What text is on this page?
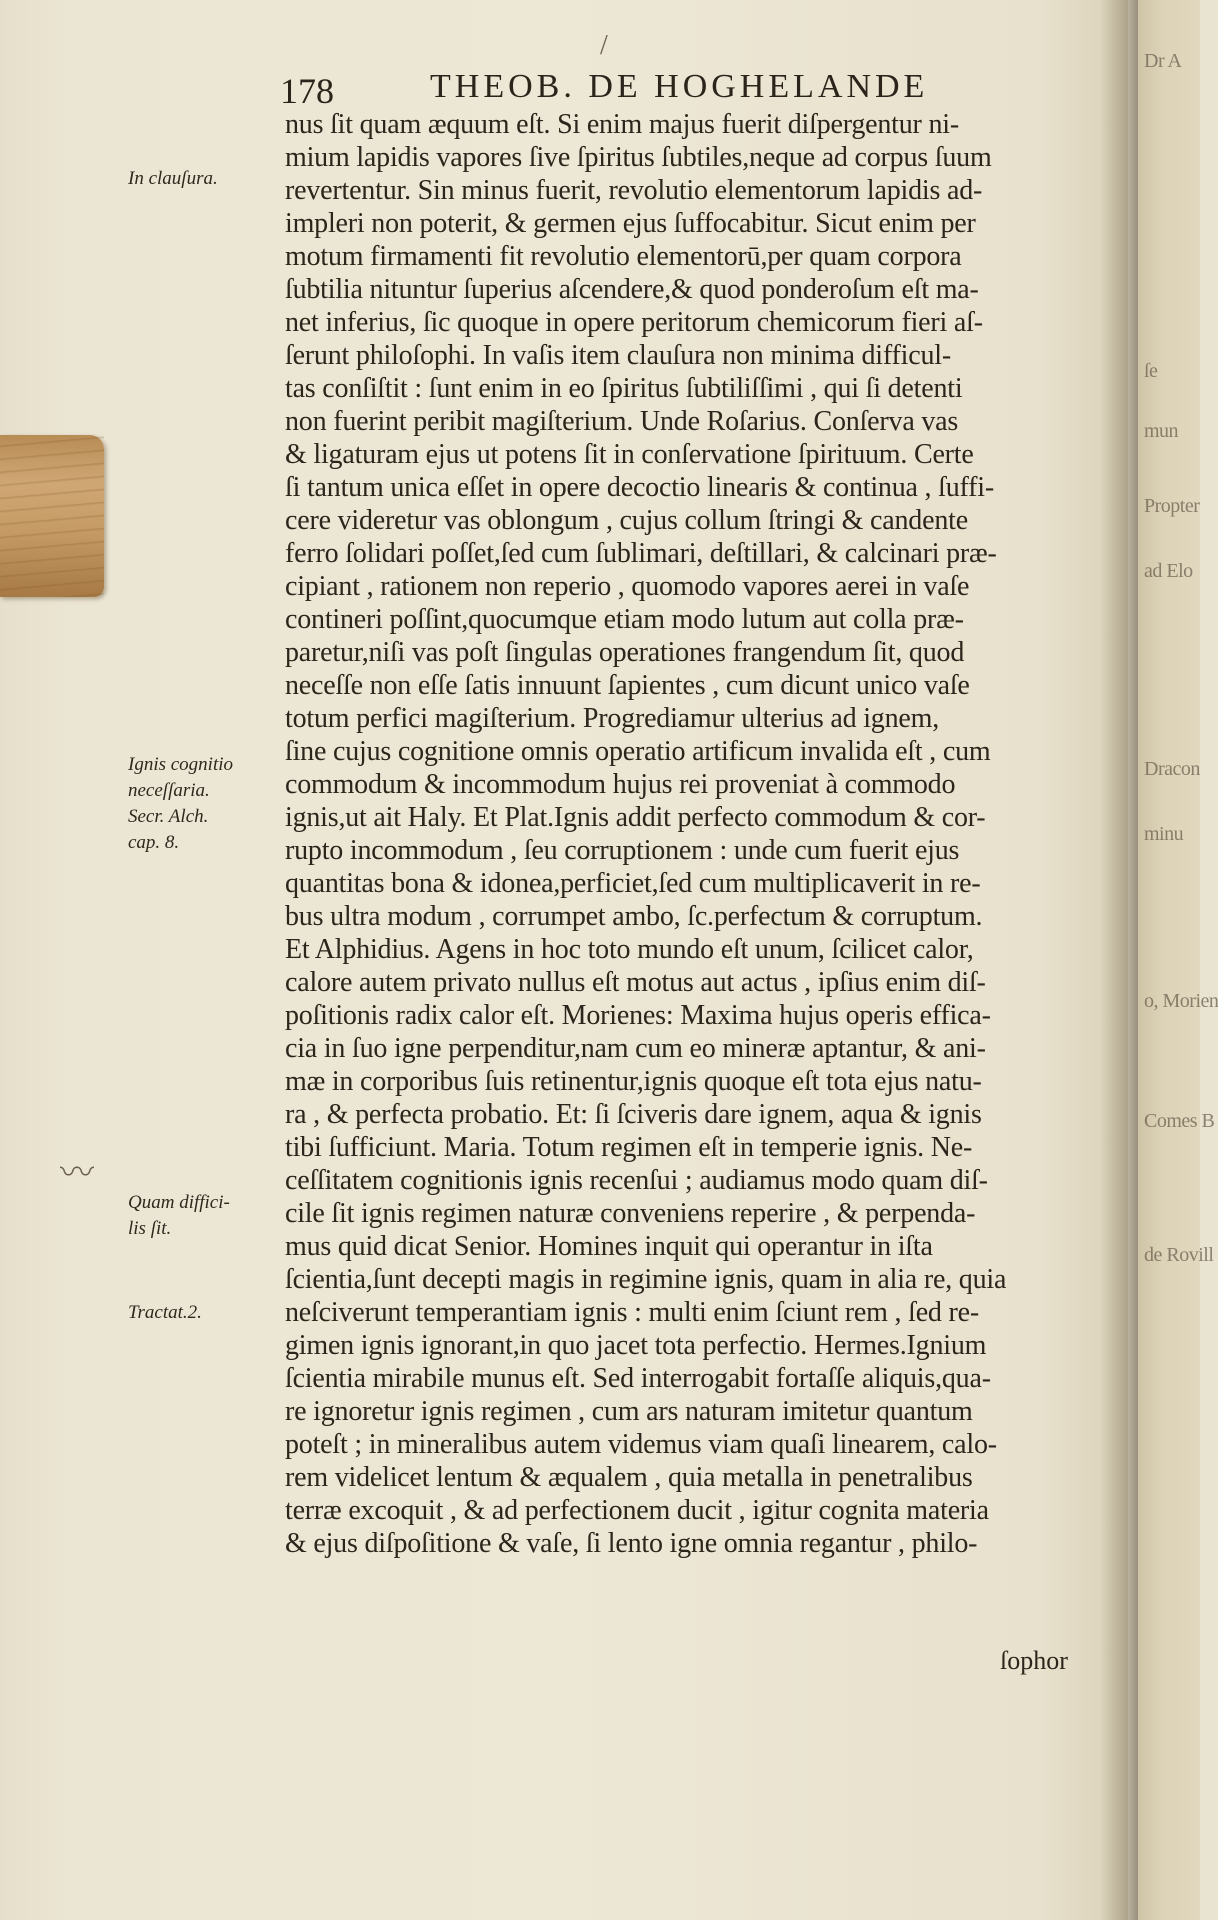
178	THEOB. DE HOGHELANDE
In clauſura.
Ignis cognitio
neceſſaria.
Secr. Alch.
cap. 8.
Quam diffici-
lis ſit.
Tractat.2.
〰
/
nus ſit quam æquum eſt. Si enim majus fuerit diſpergentur ni-
mium lapidis vapores ſive ſpiritus ſubtiles,neque ad corpus ſuum
revertentur. Sin minus fuerit, revolutio elementorum lapidis ad-
impleri non poterit, & germen ejus ſuffocabitur. Sicut enim per
motum firmamenti fit revolutio elementorū,per quam corpora
ſubtilia nituntur ſuperius aſcendere,& quod ponderoſum eſt ma-
net inferius, ſic quoque in opere peritorum chemicorum fieri aſ-
ſerunt philoſophi. In vaſis item clauſura non minima difficul-
tas conſiſtit : ſunt enim in eo ſpiritus ſubtiliſſimi , qui ſi detenti
non fuerint peribit magiſterium. Unde Roſarius. Conſerva vas
& ligaturam ejus ut potens ſit in conſervatione ſpirituum. Certe
ſi tantum unica eſſet in opere decoctio linearis & continua , ſuffi-
cere videretur vas oblongum , cujus collum ſtringi & candente
ferro ſolidari poſſet,ſed cum ſublimari, deſtillari, & calcinari præ-
cipiant , rationem non reperio , quomodo vapores aerei in vaſe
contineri poſſint,quocumque etiam modo lutum aut colla præ-
paretur,niſi vas poſt ſingulas operationes frangendum ſit, quod
neceſſe non eſſe ſatis innuunt ſapientes , cum dicunt unico vaſe
totum perfici magiſterium. Progrediamur ulterius ad ignem,
ſine cujus cognitione omnis operatio artificum invalida eſt , cum
commodum & incommodum hujus rei proveniat à commodo
ignis,ut ait Haly. Et Plat.Ignis addit perfecto commodum & cor-
rupto incommodum , ſeu corruptionem : unde cum fuerit ejus
quantitas bona & idonea,perficiet,ſed cum multiplicaverit in re-
bus ultra modum , corrumpet ambo, ſc.perfectum & corruptum.
Et Alphidius. Agens in hoc toto mundo eſt unum, ſcilicet calor,
calore autem privato nullus eſt motus aut actus , ipſius enim diſ-
poſitionis radix calor eſt. Morienes: Maxima hujus operis effica-
cia in ſuo igne perpenditur,nam cum eo mineræ aptantur, & ani-
mæ in corporibus ſuis retinentur,ignis quoque eſt tota ejus natu-
ra , & perfecta probatio. Et: ſi ſciveris dare ignem, aqua & ignis
tibi ſufficiunt. Maria. Totum regimen eſt in temperie ignis. Ne-
ceſſitatem cognitionis ignis recenſui ; audiamus modo quam diſ-
cile ſit ignis regimen naturæ conveniens reperire , & perpenda-
mus quid dicat Senior. Homines inquit qui operantur in iſta
ſcientia,ſunt decepti magis in regimine ignis, quam in alia re, quia
neſciverunt temperantiam ignis : multi enim ſciunt rem , ſed re-
gimen ignis ignorant,in quo jacet tota perfectio. Hermes.Ignium
ſcientia mirabile munus eſt. Sed interrogabit fortaſſe aliquis,qua-
re ignoretur ignis regimen , cum ars naturam imitetur quantum
poteſt ; in mineralibus autem videmus viam quaſi linearem, calo-
rem videlicet lentum & æqualem , quia metalla in penetralibus
terræ excoquit , & ad perfectionem ducit , igitur cognita materia
& ejus diſpoſitione & vaſe, ſi lento igne omnia regantur , philo-
ſophor
Dr A
ſe
mun
Propter
ad Elo
Dracon
minu
o, Morien
Comes B
de Rovill
